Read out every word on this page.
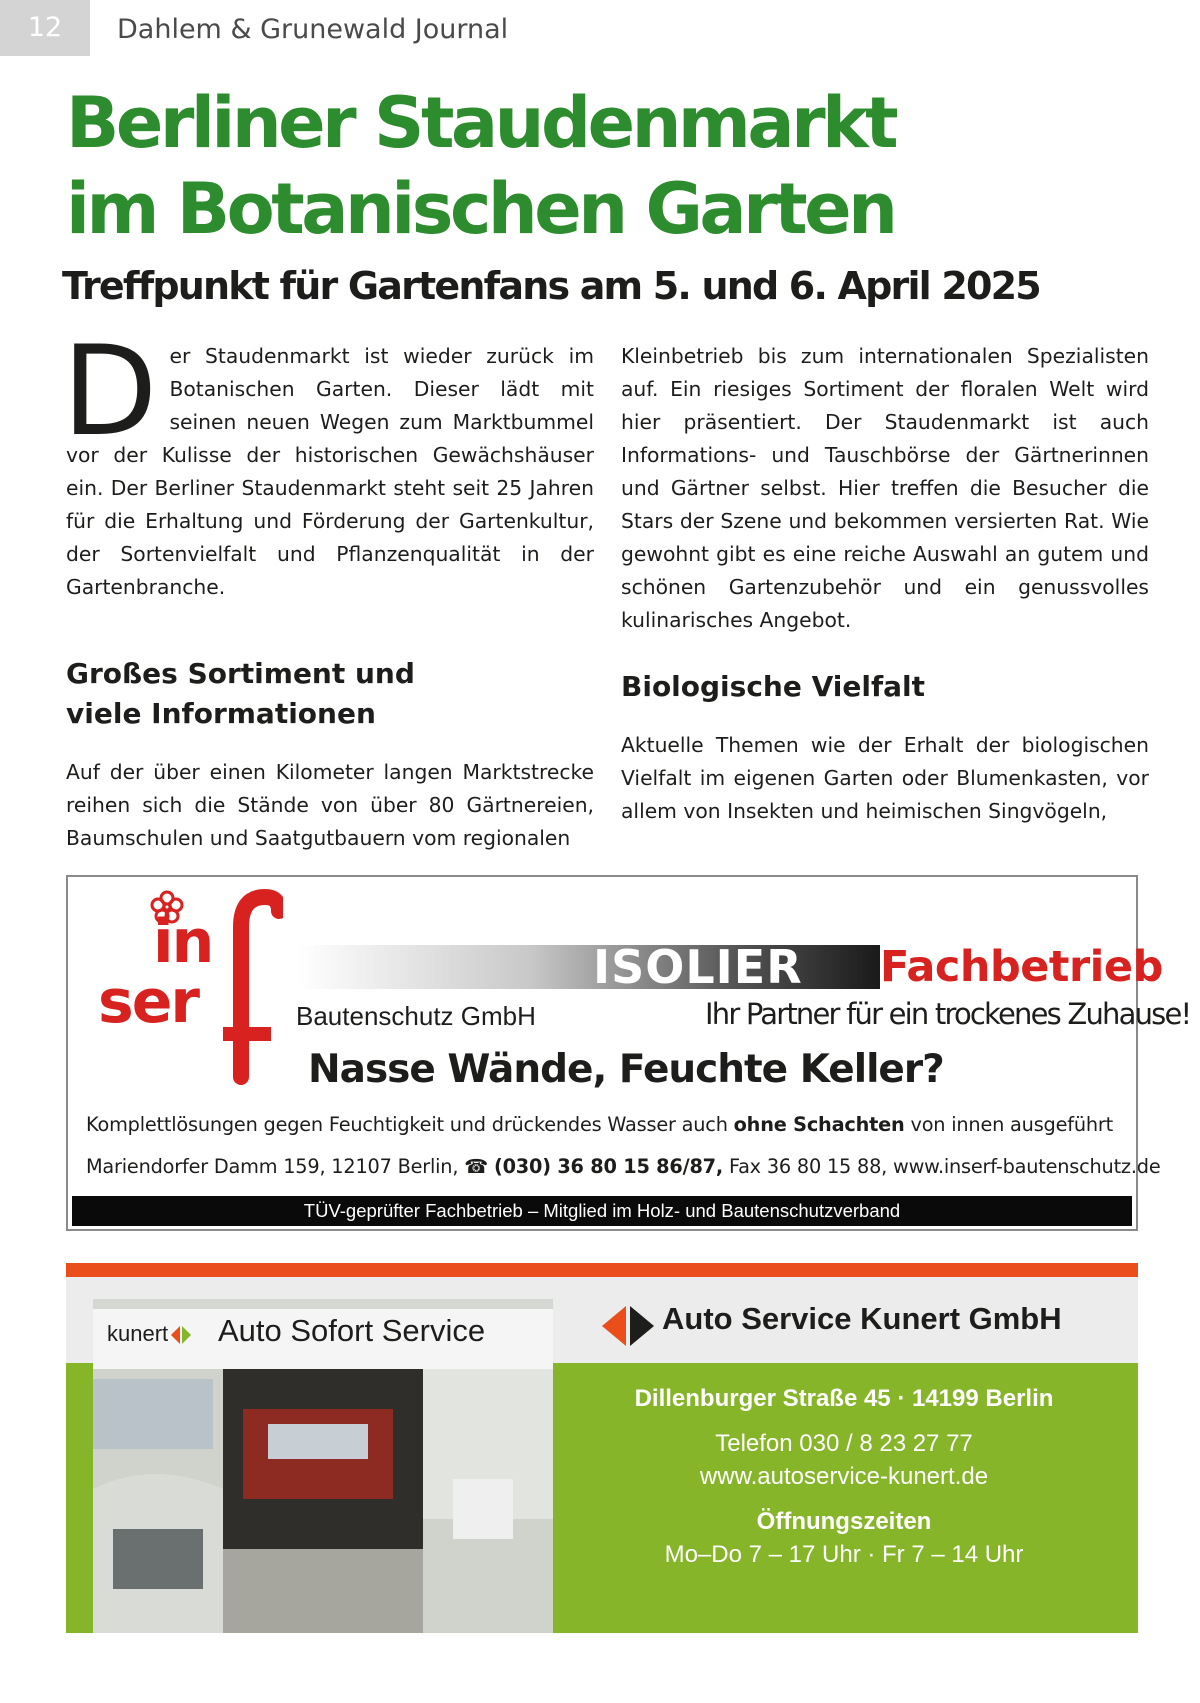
12	Dahlem & Grunewald Journal
Berliner Staudenmarkt
im Botanischen Garten
Treffpunkt für Gartenfans am 5. und 6. April 2025

Der Staudenmarkt ist wieder zurück im Botanischen Garten. Dieser lädt mit seinen neuen Wegen zum Marktbummel vor der Kulisse der historischen Gewächshäuser ein. Der Berliner Staudenmarkt steht seit 25 Jahren für die Erhaltung und Förderung der Gartenkultur, der Sortenvielfalt und Pflanzenqualität in der Gartenbranche.

Großes Sortiment und viele Informationen

Auf der über einen Kilometer langen Marktstrecke reihen sich die Stände von über 80 Gärtnereien, Baumschulen und Saatgutbauern vom regionalen

Kleinbetrieb bis zum internationalen Spezialisten auf. Ein riesiges Sortiment der floralen Welt wird hier präsentiert. Der Staudenmarkt ist auch Informations- und Tauschbörse der Gärtnerinnen und Gärtner selbst. Hier treffen die Besucher die Stars der Szene und bekommen versierten Rat. Wie gewohnt gibt es eine reiche Auswahl an gutem und schönen Gartenzubehör und ein genussvolles kulinarisches Angebot.

Biologische Vielfalt

Aktuelle Themen wie der Erhalt der biologischen Vielfalt im eigenen Garten oder Blumenkasten, vor allem von Insekten und heimischen Singvögeln,

in
ser	ISOLIER Fachbetrieb
Bautenschutz GmbH	Ihr Partner für ein trockenes Zuhause!
Nasse Wände, Feuchte Keller?
Komplettlösungen gegen Feuchtigkeit und drückendes Wasser auch ohne Schachten von innen ausgeführt
Mariendorfer Damm 159, 12107 Berlin, ☎ (030) 36 80 15 86/87, Fax 36 80 15 88, www.inserf-bautenschutz.de
TÜV-geprüfter Fachbetrieb – Mitglied im Holz- und Bautenschutzverband
kunert	Auto Sofort Service	Auto Service Kunert GmbH
Dillenburger Straße 45 · 14199 Berlin
Telefon 030 / 8 23 27 77
www.autoservice-kunert.de
Öffnungszeiten
Mo–Do 7 – 17 Uhr · Fr 7 – 14 Uhr
